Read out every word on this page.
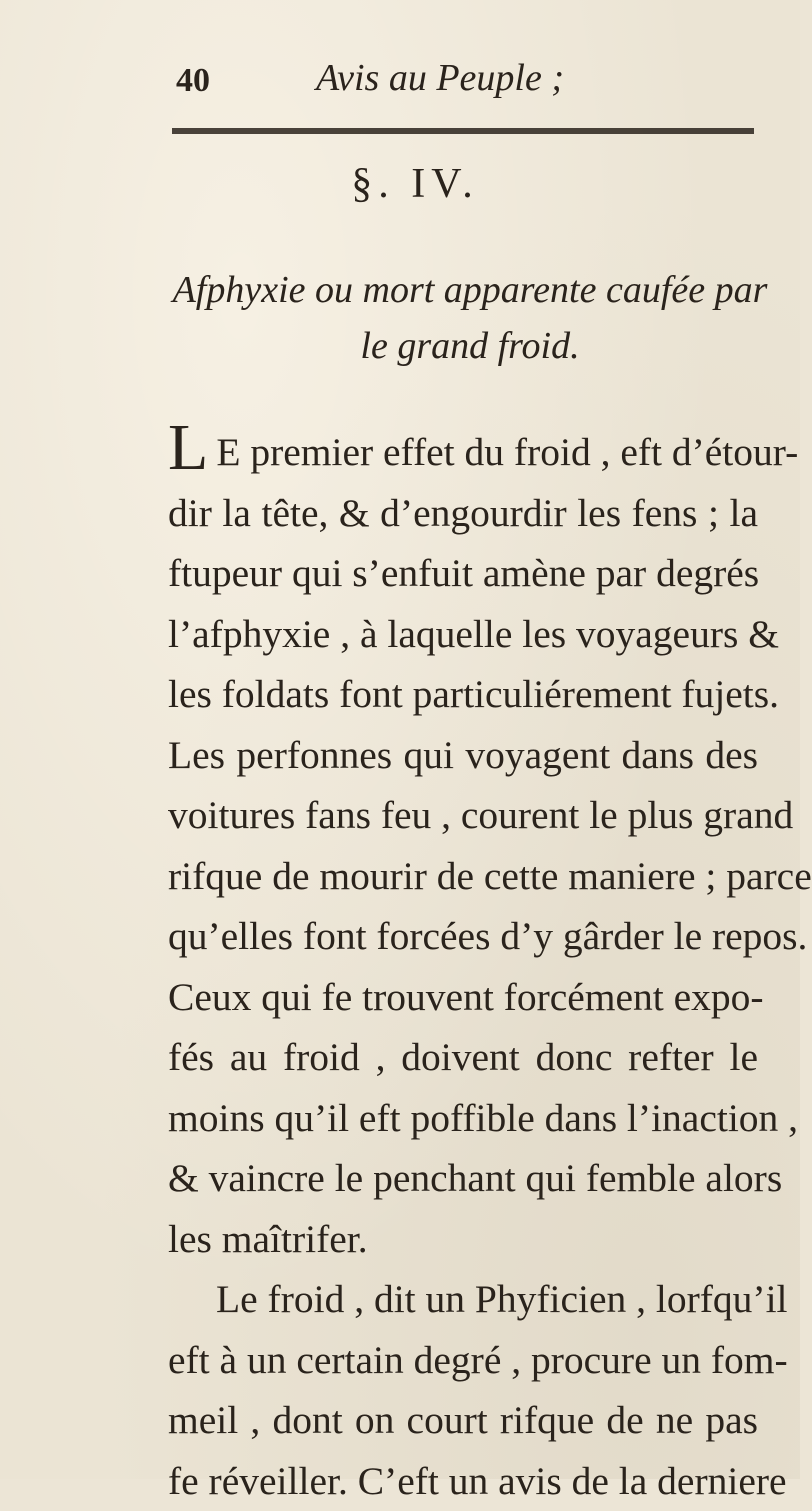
40	Avis au Peuple ;
§. IV.
Afphyxie ou mort apparente caufée par
le grand froid.
L E premier effet du froid , eft d’étour-
dir la tête, & d’engourdir les fens ; la
ftupeur qui s’enfuit amène par degrés
l’afphyxie , à laquelle les voyageurs &
les foldats font particuliérement fujets.
Les perfonnes qui voyagent dans des
voitures fans feu , courent le plus grand
rifque de mourir de cette maniere ; parce
qu’elles font forcées d’y gârder le repos.
Ceux qui fe trouvent forcément expo-
fés au froid , doivent donc refter le
moins qu’il eft poffible dans l’inaction ,
& vaincre le penchant qui femble alors
les maîtrifer.
Le froid , dit un Phyficien , lorfqu’il
eft à un certain degré , procure un fom-
meil , dont on court rifque de ne pas
fe réveiller. C’eft un avis de la derniere
